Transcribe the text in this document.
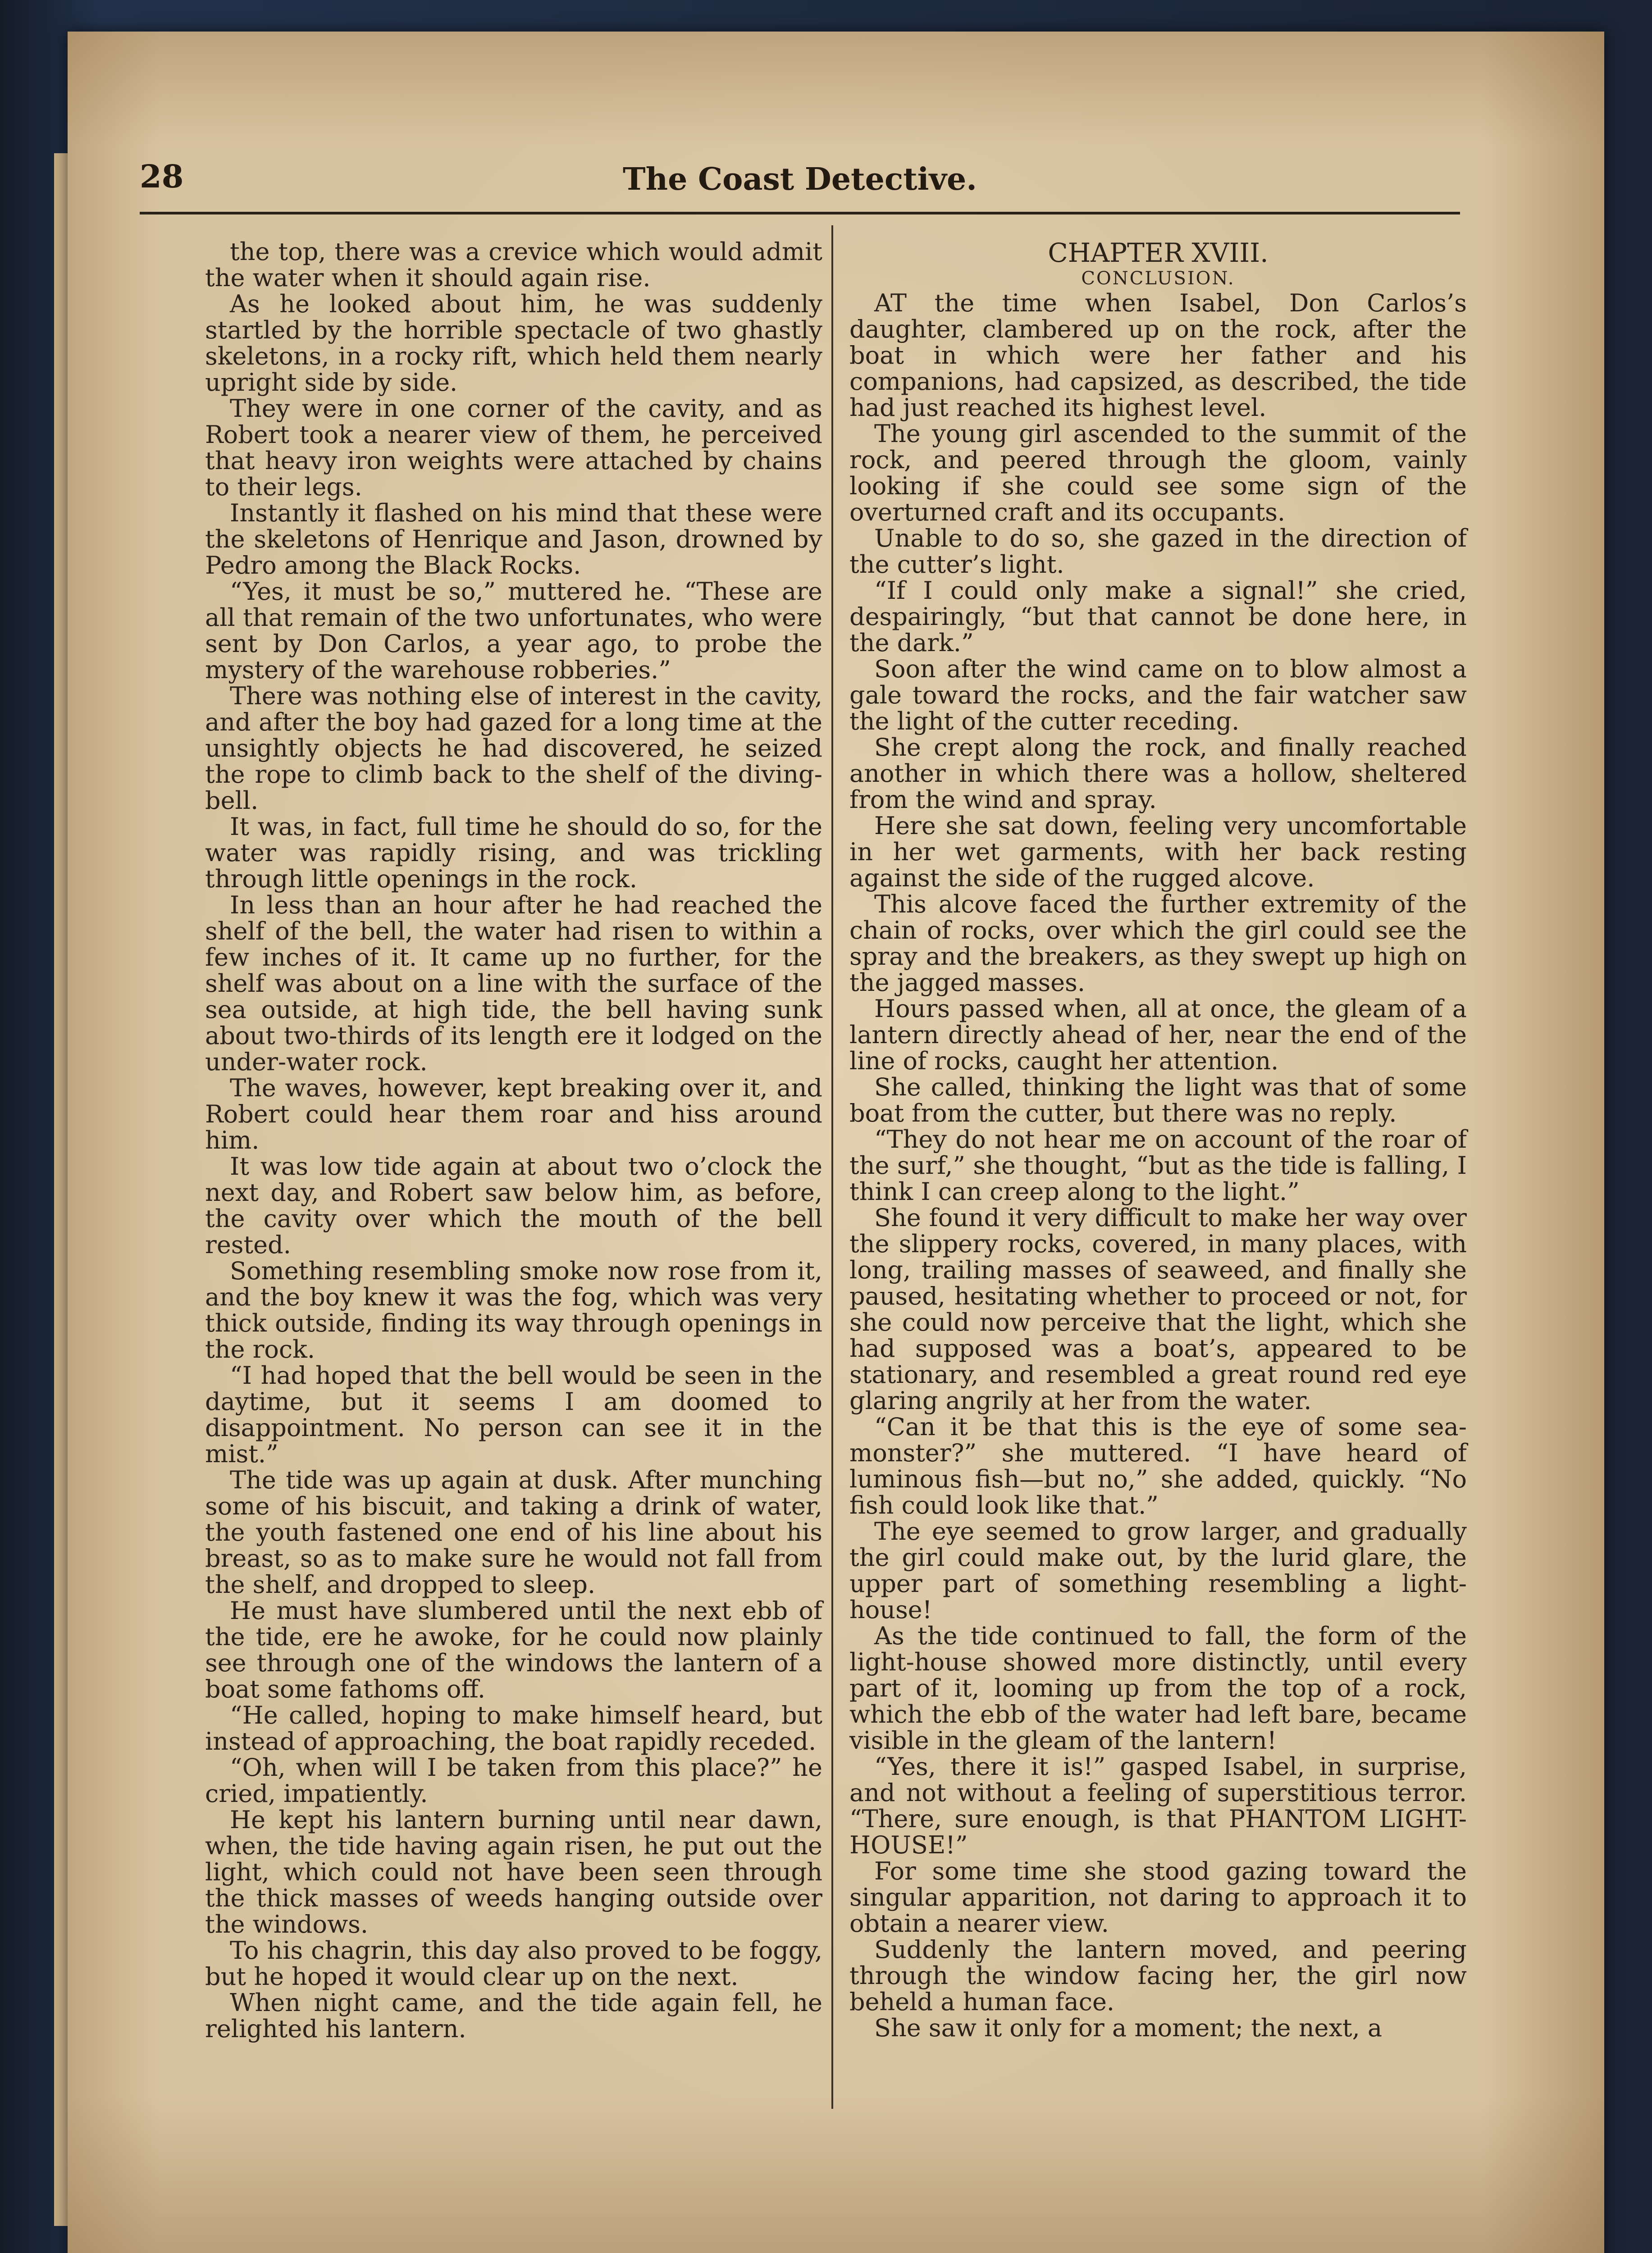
28	The Coast Detective.

the top, there was a crevice which would admit the water when it should again rise.

As he looked about him, he was suddenly startled by the horrible spectacle of two ghastly skeletons, in a rocky rift, which held them nearly upright side by side.

They were in one corner of the cavity, and as Robert took a nearer view of them, he perceived that heavy iron weights were attached by chains to their legs.

Instantly it flashed on his mind that these were the skeletons of Henrique and Jason, drowned by Pedro among the Black Rocks.

“Yes, it must be so,” muttered he. “These are all that remain of the two unfortunates, who were sent by Don Carlos, a year ago, to probe the mystery of the warehouse robberies.”

There was nothing else of interest in the cavity, and after the boy had gazed for a long time at the unsightly objects he had discovered, he seized the rope to climb back to the shelf of the diving-bell.

It was, in fact, full time he should do so, for the water was rapidly rising, and was trickling through little openings in the rock.

In less than an hour after he had reached the shelf of the bell, the water had risen to within a few inches of it. It came up no further, for the shelf was about on a line with the surface of the sea outside, at high tide, the bell having sunk about two-thirds of its length ere it lodged on the under-water rock.

The waves, however, kept breaking over it, and Robert could hear them roar and hiss around him.

It was low tide again at about two o’clock the next day, and Robert saw below him, as before, the cavity over which the mouth of the bell rested.

Something resembling smoke now rose from it, and the boy knew it was the fog, which was very thick outside, finding its way through openings in the rock.

“I had hoped that the bell would be seen in the daytime, but it seems I am doomed to disappointment. No person can see it in the mist.”

The tide was up again at dusk. After munching some of his biscuit, and taking a drink of water, the youth fastened one end of his line about his breast, so as to make sure he would not fall from the shelf, and dropped to sleep.

He must have slumbered until the next ebb of the tide, ere he awoke, for he could now plainly see through one of the windows the lantern of a boat some fathoms off.

“He called, hoping to make himself heard, but instead of approaching, the boat rapidly receded.

“Oh, when will I be taken from this place?” he cried, impatiently.

He kept his lantern burning until near dawn, when, the tide having again risen, he put out the light, which could not have been seen through the thick masses of weeds hanging outside over the windows.

To his chagrin, this day also proved to be foggy, but he hoped it would clear up on the next.

When night came, and the tide again fell, he relighted his lantern.

CHAPTER XVIII.
CONCLUSION.

AT the time when Isabel, Don Carlos’s daughter, clambered up on the rock, after the boat in which were her father and his companions, had capsized, as described, the tide had just reached its highest level.

The young girl ascended to the summit of the rock, and peered through the gloom, vainly looking if she could see some sign of the overturned craft and its occupants.

Unable to do so, she gazed in the direction of the cutter’s light.

“If I could only make a signal!” she cried, despairingly, “but that cannot be done here, in the dark.”

Soon after the wind came on to blow almost a gale toward the rocks, and the fair watcher saw the light of the cutter receding.

She crept along the rock, and finally reached another in which there was a hollow, sheltered from the wind and spray.

Here she sat down, feeling very uncomfortable in her wet garments, with her back resting against the side of the rugged alcove.

This alcove faced the further extremity of the chain of rocks, over which the girl could see the spray and the breakers, as they swept up high on the jagged masses.

Hours passed when, all at once, the gleam of a lantern directly ahead of her, near the end of the line of rocks, caught her attention.

She called, thinking the light was that of some boat from the cutter, but there was no reply.

“They do not hear me on account of the roar of the surf,” she thought, “but as the tide is falling, I think I can creep along to the light.”

She found it very difficult to make her way over the slippery rocks, covered, in many places, with long, trailing masses of seaweed, and finally she paused, hesitating whether to proceed or not, for she could now perceive that the light, which she had supposed was a boat’s, appeared to be stationary, and resembled a great round red eye glaring angrily at her from the water.

“Can it be that this is the eye of some sea-monster?” she muttered. “I have heard of luminous fish—but no,” she added, quickly. “No fish could look like that.”

The eye seemed to grow larger, and gradually the girl could make out, by the lurid glare, the upper part of something resembling a light-house!

As the tide continued to fall, the form of the light-house showed more distinctly, until every part of it, looming up from the top of a rock, which the ebb of the water had left bare, became visible in the gleam of the lantern!

“Yes, there it is!” gasped Isabel, in surprise, and not without a feeling of superstitious terror. “There, sure enough, is that PHANTOM LIGHT-HOUSE!”

For some time she stood gazing toward the singular apparition, not daring to approach it to obtain a nearer view.

Suddenly the lantern moved, and peering through the window facing her, the girl now beheld a human face.

She saw it only for a moment; the next, a
